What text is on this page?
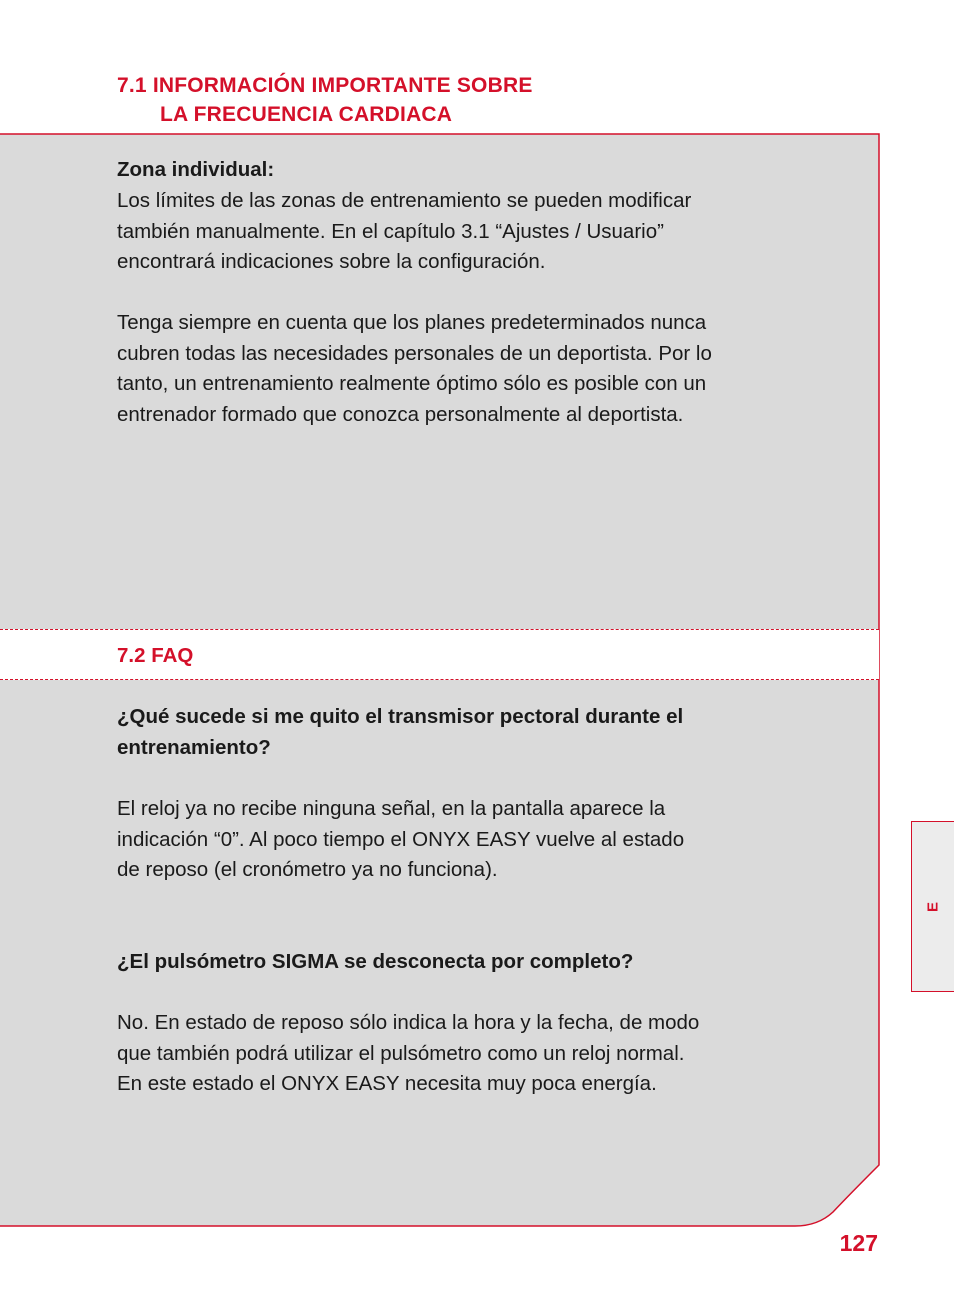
7.1 INFORMACIÓN IMPORTANTE SOBRE
LA FRECUENCIA CARDIACA

Zona individual:

Los límites de las zonas de entrenamiento se pueden modificar
también manualmente. En el capítulo 3.1 “Ajustes / Usuario”
encontrará indicaciones sobre la configuración.

Tenga siempre en cuenta que los planes predeterminados nunca
cubren todas las necesidades personales de un deportista. Por lo
tanto, un entrenamiento realmente óptimo sólo es posible con un
entrenador formado que conozca personalmente al deportista.

7.2 FAQ

¿Qué sucede si me quito el transmisor pectoral durante el
entrenamiento?

El reloj ya no recibe ninguna señal, en la pantalla aparece la
indicación “0”. Al poco tiempo el ONYX EASY vuelve al estado
de reposo (el cronómetro ya no funciona).

¿El pulsómetro SIGMA se desconecta por completo?

No. En estado de reposo sólo indica la hora y la fecha, de modo
que también podrá utilizar el pulsómetro como un reloj normal.
En este estado el ONYX EASY necesita muy poca energía.

E

127
